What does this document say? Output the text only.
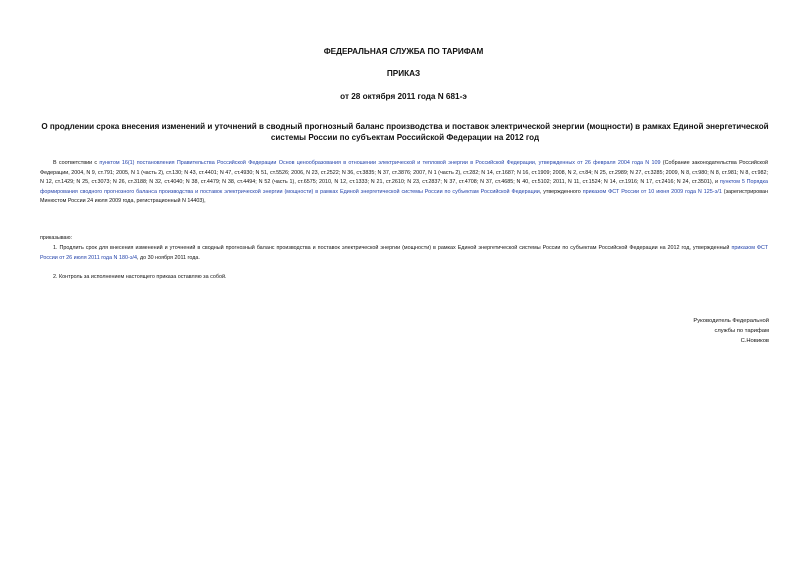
ФЕДЕРАЛЬНАЯ СЛУЖБА ПО ТАРИФАМ
ПРИКАЗ
от 28 октября 2011 года N 681-э
О продлении срока внесения изменений и уточнений в сводный прогнозный баланс производства и поставок электрической энергии (мощности) в рамках Единой энергетической системы России по субъектам Российской Федерации на 2012 год
В соответствии с пунктом 16(1) постановления Правительства Российской Федерации Основ ценообразования в отношении электрической и тепловой энергии в Российской Федерации, утвержденных от 26 февраля 2004 года N 109 (Собрание законодательства Российской Федерации, 2004, N 9, ст.791; 2005, N 1 (часть 2), ст.130; N 43, ст.4401; N 47, ст.4930; N 51, ст.5526; 2006, N 23, ст.2522; N 36, ст.3835; N 37, ст.3876; 2007, N 1 (часть 2), ст.282; N 14, ст.1687; N 16, ст.1909; 2008, N 2, ст.84; N 25, ст.2989; N 27, ст.3285; 2009, N 8, ст.980; N 8, ст.981; N 8, ст.982; N 12, ст.1429; N 25, ст.3073; N 26, ст.3188; N 32, ст.4040; N 38, ст.4479; N 38, ст.4494; N 52 (часть 1), ст.6575; 2010, N 12, ст.1333; N 21, ст.2610; N 23, ст.2837; N 37, ст.4708; N 37, ст.4685; N 40, ст.5102; 2011, N 11, ст.1524; N 14, ст.1916; N 17, ст.2416; N 24, ст.3501), и пунктом 5 Порядка формирования сводного прогнозного баланса производства и поставок электрической энергии (мощности) в рамках Единой энергетической системы России по субъектам Российской Федерации, утвержденного приказом ФСТ России от 10 июня 2009 года N 125-э/1 (зарегистрирован Минюстом России 24 июля 2009 года, регистрационный N 14403),
приказываю:
1. Продлить срок для внесения изменений и уточнений в сводный прогнозный баланс производства и поставок электрической энергии (мощности) в рамках Единой энергетической системы России по субъектам Российской Федерации на 2012 год, утвержденный приказом ФСТ России от 26 июля 2011 года N 180-э/4, до 30 ноября 2011 года.
2. Контроль за исполнением настоящего приказа оставляю за собой.
Руководитель Федеральной
службы по тарифам
С.Новиков
